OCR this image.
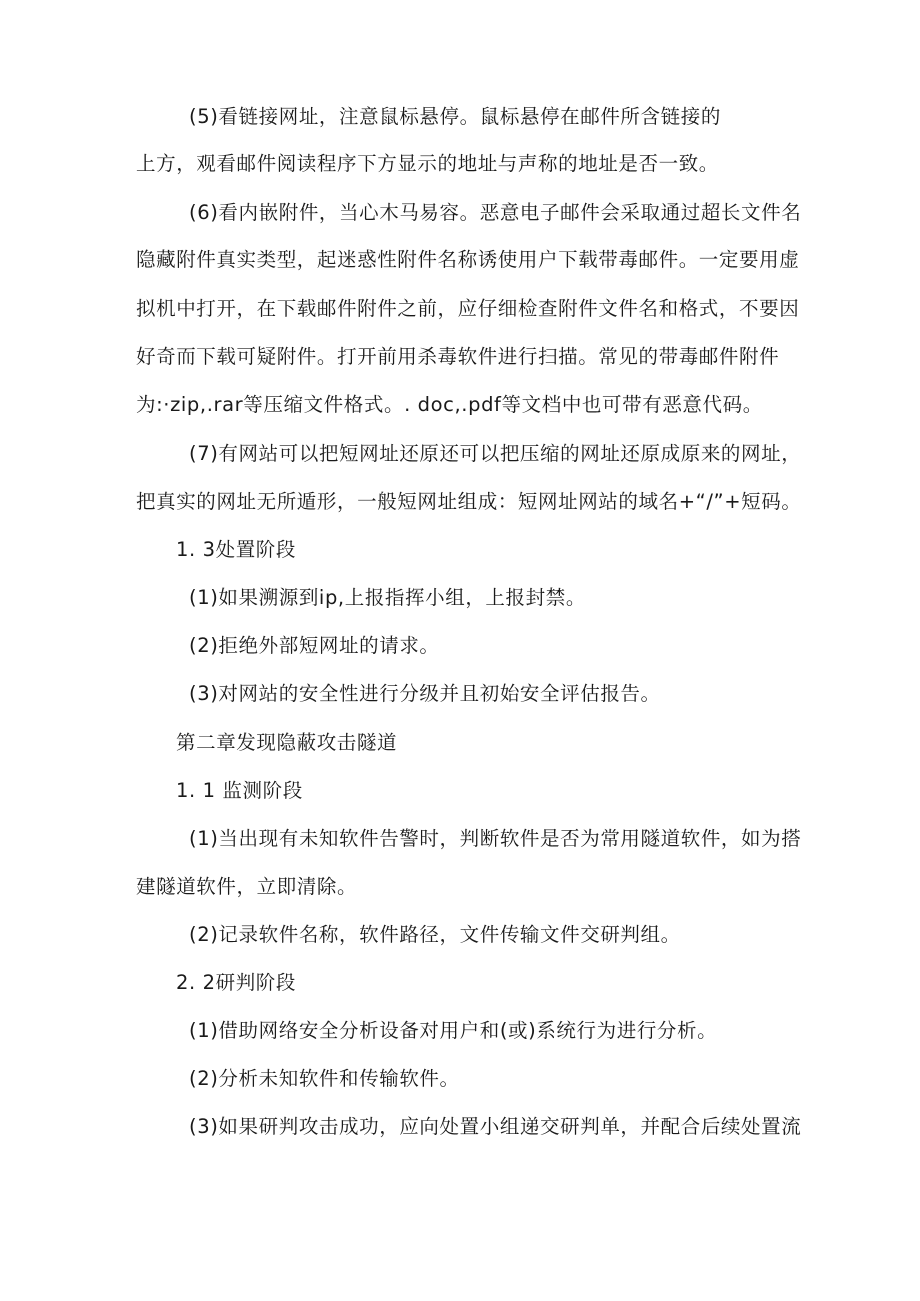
(5)看链接网址，注意鼠标悬停。鼠标悬停在邮件所含链接的
上方，观看邮件阅读程序下方显示的地址与声称的地址是否一致。
(6)看内嵌附件，当心木马易容。恶意电子邮件会采取通过超长文件名
隐藏附件真实类型，起迷惑性附件名称诱使用户下载带毒邮件。一定要用虚
拟机中打开，在下载邮件附件之前，应仔细检查附件文件名和格式，不要因
好奇而下载可疑附件。打开前用杀毒软件进行扫描。常见的带毒邮件附件
为:·zip,.rar等压缩文件格式。. doc,.pdf等文档中也可带有恶意代码。
(7)有网站可以把短网址还原还可以把压缩的网址还原成原来的网址，
把真实的网址无所遁形，一般短网址组成：短网址网站的域名+“/”+短码。
1. 3处置阶段
(1)如果溯源到ip,上报指挥小组，上报封禁。
(2)拒绝外部短网址的请求。
(3)对网站的安全性进行分级并且初始安全评估报告。
第二章发现隐蔽攻击隧道
1. 1 监测阶段
(1)当出现有未知软件告警时，判断软件是否为常用隧道软件，如为搭
建隧道软件，立即清除。
(2)记录软件名称，软件路径，文件传输文件交研判组。
2. 2研判阶段
(1)借助网络安全分析设备对用户和(或)系统行为进行分析。
(2)分析未知软件和传输软件。
(3)如果研判攻击成功，应向处置小组递交研判单，并配合后续处置流
